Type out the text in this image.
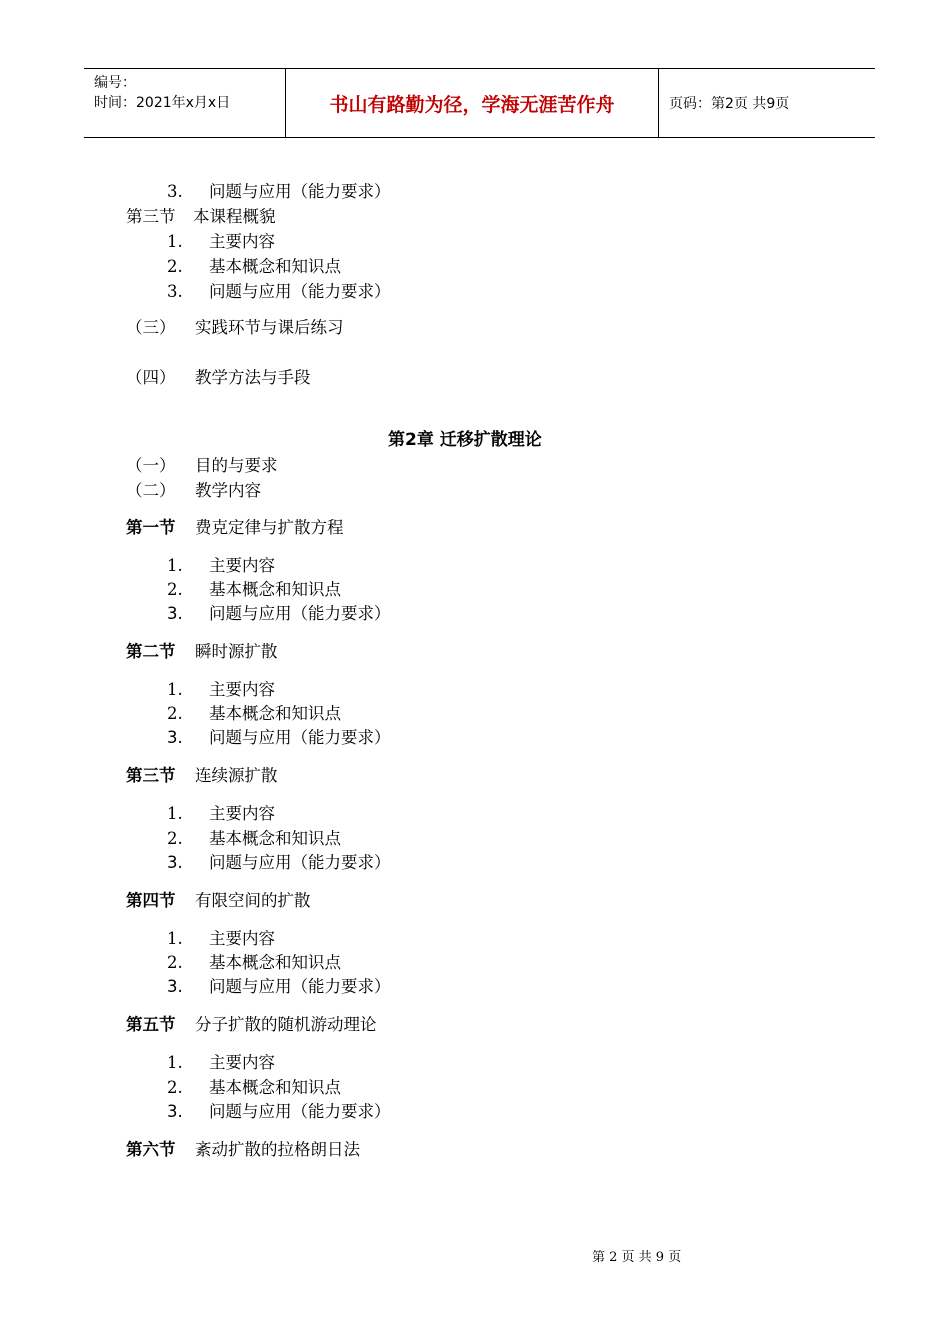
编号：
时间：2021年x月x日	书山有路勤为径，学海无涯苦作舟	页码：第2页 共9页
3.	问题与应用（能力要求）
第三节 本课程概貌
1.	主要内容
2.	基本概念和知识点
3.	问题与应用（能力要求）
（三） 实践环节与课后练习
（四） 教学方法与手段
第2章 迁移扩散理论
（一） 目的与要求
（二） 教学内容
第一节 费克定律与扩散方程
1.	主要内容
2.	基本概念和知识点
3.	问题与应用（能力要求）
第二节 瞬时源扩散
1.	主要内容
2.	基本概念和知识点
3.	问题与应用（能力要求）
第三节 连续源扩散
1.	主要内容
2.	基本概念和知识点
3.	问题与应用（能力要求）
第四节 有限空间的扩散
1.	主要内容
2.	基本概念和知识点
3.	问题与应用（能力要求）
第五节 分子扩散的随机游动理论
1.	主要内容
2.	基本概念和知识点
3.	问题与应用（能力要求）
第六节 紊动扩散的拉格朗日法
第 2 页 共 9 页
